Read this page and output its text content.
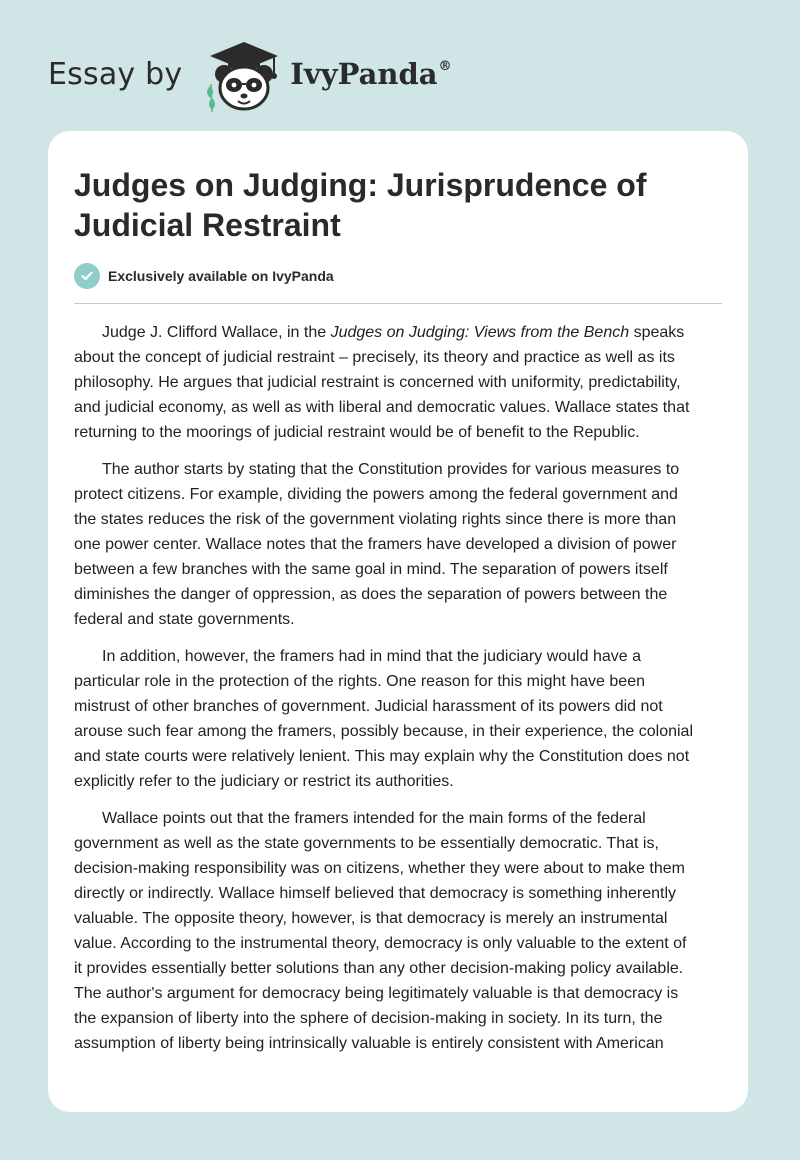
Essay by	IvyPanda®
Judges on Judging: Jurisprudence of Judicial Restraint
Exclusively available on IvyPanda

Judge J. Clifford Wallace, in the Judges on Judging: Views from the Bench speaks
about the concept of judicial restraint – precisely, its theory and practice as well as its
philosophy. He argues that judicial restraint is concerned with uniformity, predictability,
and judicial economy, as well as with liberal and democratic values. Wallace states that
returning to the moorings of judicial restraint would be of benefit to the Republic.

The author starts by stating that the Constitution provides for various measures to
protect citizens. For example, dividing the powers among the federal government and
the states reduces the risk of the government violating rights since there is more than
one power center. Wallace notes that the framers have developed a division of power
between a few branches with the same goal in mind. The separation of powers itself
diminishes the danger of oppression, as does the separation of powers between the
federal and state governments.

In addition, however, the framers had in mind that the judiciary would have a
particular role in the protection of the rights. One reason for this might have been
mistrust of other branches of government. Judicial harassment of its powers did not
arouse such fear among the framers, possibly because, in their experience, the colonial
and state courts were relatively lenient. This may explain why the Constitution does not
explicitly refer to the judiciary or restrict its authorities.

Wallace points out that the framers intended for the main forms of the federal
government as well as the state governments to be essentially democratic. That is,
decision-making responsibility was on citizens, whether they were about to make them
directly or indirectly. Wallace himself believed that democracy is something inherently
valuable. The opposite theory, however, is that democracy is merely an instrumental
value. According to the instrumental theory, democracy is only valuable to the extent of
it provides essentially better solutions than any other decision-making policy available.
The author's argument for democracy being legitimately valuable is that democracy is
the expansion of liberty into the sphere of decision-making in society. In its turn, the
assumption of liberty being intrinsically valuable is entirely consistent with American
